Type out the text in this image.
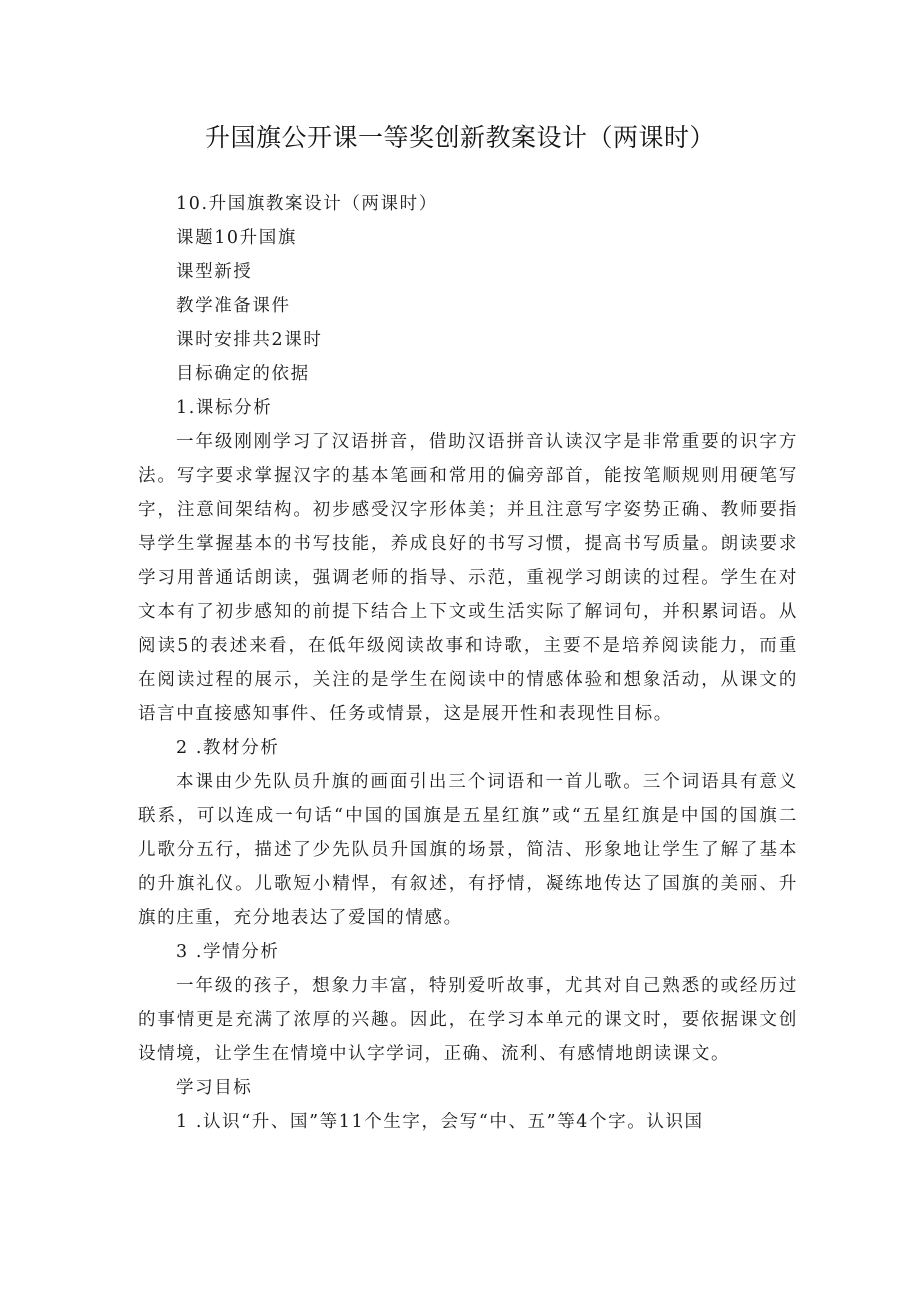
升国旗公开课一等奖创新教案设计（两课时）

10.升国旗教案设计（两课时）

课题10升国旗

课型新授

教学准备课件

课时安排共2课时

目标确定的依据

1.课标分析

一年级刚刚学习了汉语拼音，借助汉语拼音认读汉字是非常重要的识字方法。写字要求掌握汉字的基本笔画和常用的偏旁部首，能按笔顺规则用硬笔写字，注意间架结构。初步感受汉字形体美；并且注意写字姿势正确、教师要指导学生掌握基本的书写技能，养成良好的书写习惯，提高书写质量。朗读要求学习用普通话朗读，强调老师的指导、示范，重视学习朗读的过程。学生在对文本有了初步感知的前提下结合上下文或生活实际了解词句，并积累词语。从阅读5的表述来看，在低年级阅读故事和诗歌，主要不是培养阅读能力，而重在阅读过程的展示，关注的是学生在阅读中的情感体验和想象活动，从课文的语言中直接感知事件、任务或情景，这是展开性和表现性目标。

2 .教材分析

本课由少先队员升旗的画面引出三个词语和一首儿歌。三个词语具有意义联系，可以连成一句话“中国的国旗是五星红旗”或“五星红旗是中国的国旗二儿歌分五行，描述了少先队员升国旗的场景，简洁、形象地让学生了解了基本的升旗礼仪。儿歌短小精悍，有叙述，有抒情，凝练地传达了国旗的美丽、升旗的庄重，充分地表达了爱国的情感。

3 .学情分析

一年级的孩子，想象力丰富，特别爱听故事，尤其对自己熟悉的或经历过的事情更是充满了浓厚的兴趣。因此，在学习本单元的课文时，要依据课文创设情境，让学生在情境中认字学词，正确、流利、有感情地朗读课文。

学习目标

1 .认识“升、国”等11个生字，会写“中、五”等4个字。认识国
